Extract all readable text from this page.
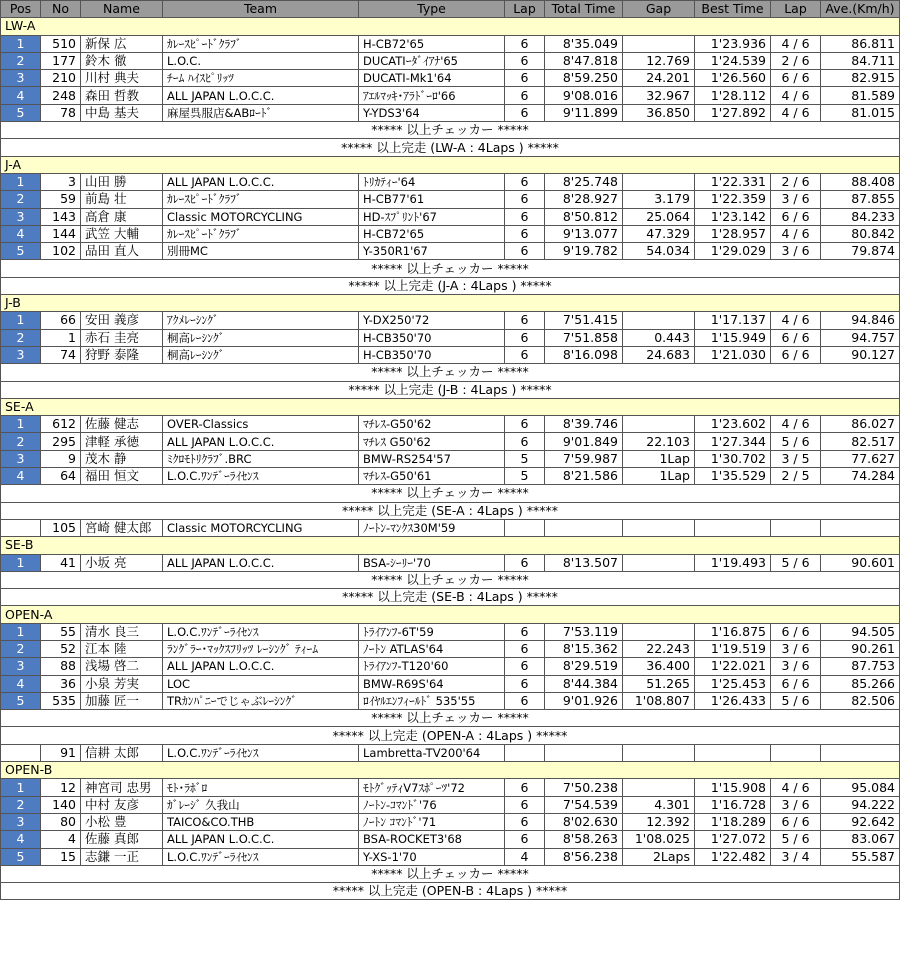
Pos	No	Name	Team	Type	Lap	Total Time	Gap	Best Time	Lap	Ave.(Km/h)
LW-A										
1	510	新保 広	ｶﾚｰｽﾋﾟｰﾄﾞｸﾗﾌﾞ	H-CB72'65	6	8'35.049		1'23.936	4 / 6	86.811
2	177	鈴木 徹	L.O.C.	DUCATIｰﾀﾞｲｱﾅ'65	6	8'47.818	12.769	1'24.539	2 / 6	84.711
3	210	川村 典夫	ﾁｰﾑ ﾊｲｽﾋﾟﾘｯﾂ	DUCATI-Mk1'64	6	8'59.250	24.201	1'26.560	6 / 6	82.915
4	248	森田 哲教	ALL JAPAN L.O.C.C.	ｱｴﾙﾏｯｷ･ｱﾗﾄﾞｰﾛ'66	6	9'08.016	32.967	1'28.112	4 / 6	81.589
5	78	中島 基夫	麻屋呉服店&ABﾛｰﾄﾞ	Y-YDS3'64	6	9'11.899	36.850	1'27.892	4 / 6	81.015
***** 以上チェッカー *****										
***** 以上完走 (LW-A : 4Laps ) *****										
J-A										
1	3	山田 勝	ALL JAPAN L.O.C.C.	ﾄﾘｶﾃｨｰ'64	6	8'25.748		1'22.331	2 / 6	88.408
2	59	前島 壮	ｶﾚｰｽﾋﾟｰﾄﾞｸﾗﾌﾞ	H-CB77'61	6	8'28.927	3.179	1'22.359	3 / 6	87.855
3	143	高倉 康	Classic MOTORCYCLING	HD-ｽﾌﾟﾘﾝﾄ'67	6	8'50.812	25.064	1'23.142	6 / 6	84.233
4	144	武笠 大輔	ｶﾚｰｽﾋﾟｰﾄﾞｸﾗﾌﾞ	H-CB72'65	6	9'13.077	47.329	1'28.957	4 / 6	80.842
5	102	品田 直人	別冊MC	Y-350R1'67	6	9'19.782	54.034	1'29.029	3 / 6	79.874
***** 以上チェッカー *****										
***** 以上完走 (J-A : 4Laps ) *****										
J-B										
1	66	安田 義彦	ｱｸﾒﾚｰｼﾝｸﾞ	Y-DX250'72	6	7'51.415		1'17.137	4 / 6	94.846
2	1	赤石 圭亮	桐高ﾚｰｼﾝｸﾞ	H-CB350'70	6	7'51.858	0.443	1'15.949	6 / 6	94.757
3	74	狩野 泰隆	桐高ﾚｰｼﾝｸﾞ	H-CB350'70	6	8'16.098	24.683	1'21.030	6 / 6	90.127
***** 以上チェッカー *****										
***** 以上完走 (J-B : 4Laps ) *****										
SE-A										
1	612	佐藤 健志	OVER-Classics	ﾏﾁﾚｽ-G50'62	6	8'39.746		1'23.602	4 / 6	86.027
2	295	津軽 承徳	ALL JAPAN L.O.C.C.	ﾏﾁﾚｽ G50'62	6	9'01.849	22.103	1'27.344	5 / 6	82.517
3	9	茂木 静	ﾐｸﾛﾓﾄﾘｸﾗﾌﾞ.BRC	BMW-RS254'57	5	7'59.987	1Lap	1'30.702	3 / 5	77.627
4	64	福田 恒文	L.O.C.ﾜﾝﾃﾞｰﾗｲｾﾝｽ	ﾏﾁﾚｽ-G50'61	5	8'21.586	1Lap	1'35.529	2 / 5	74.284
***** 以上チェッカー *****										
***** 以上完走 (SE-A : 4Laps ) *****										
	105	宮崎 健太郎	Classic MOTORCYCLING	ﾉｰﾄﾝ-ﾏﾝｸｽ30M'59						
SE-B										
1	41	小坂 亮	ALL JAPAN L.O.C.C.	BSA-ｼｰﾘｰ'70	6	8'13.507		1'19.493	5 / 6	90.601
***** 以上チェッカー *****										
***** 以上完走 (SE-B : 4Laps ) *****										
OPEN-A										
1	55	清水 良三	L.O.C.ﾜﾝﾃﾞｰﾗｲｾﾝｽ	ﾄﾗｲｱﾝﾌ-6T'59	6	7'53.119		1'16.875	6 / 6	94.505
2	52	江本 陸	ﾗﾝｸﾞﾗｰ･ﾏｯｸｽﾌﾘｯﾂ ﾚｰｼﾝｸﾞ ﾃｨｰﾑ	ﾉｰﾄﾝ ATLAS'64	6	8'15.362	22.243	1'19.519	3 / 6	90.261
3	88	浅場 啓二	ALL JAPAN L.O.C.C.	ﾄﾗｲｱﾝﾌ-T120'60	6	8'29.519	36.400	1'22.021	3 / 6	87.753
4	36	小泉 芳実	LOC	BMW-R69S'64	6	8'44.384	51.265	1'25.453	6 / 6	85.266
5	535	加藤 匠一	TRｶﾝﾊﾟﾆｰでじゃぶﾚｰｼﾝｸﾞ	ﾛｲﾔﾙｴﾝﾌｨｰﾙﾄﾞ 535'55	6	9'01.926	1'08.807	1'26.433	5 / 6	82.506
***** 以上チェッカー *****										
***** 以上完走 (OPEN-A : 4Laps ) *****										
	91	信耕 太郎	L.O.C.ﾜﾝﾃﾞｰﾗｲｾﾝｽ	Lambretta-TV200'64						
OPEN-B										
1	12	神宮司 忠男	ﾓﾄ･ﾗﾎﾞﾛ	ﾓﾄｸﾞｯﾃｨV7ｽﾎﾟｰﾂ'72	6	7'50.238		1'15.908	4 / 6	95.084
2	140	中村 友彦	ｶﾞﾚｰｼﾞ 久我山	ﾉｰﾄﾝ-ｺﾏﾝﾄﾞ'76	6	7'54.539	4.301	1'16.728	3 / 6	94.222
3	80	小松 豊	TAICO&CO.THB	ﾉｰﾄﾝ ｺﾏﾝﾄﾞ'71	6	8'02.630	12.392	1'18.289	6 / 6	92.642
4	4	佐藤 真郎	ALL JAPAN L.O.C.C.	BSA-ROCKET3'68	6	8'58.263	1'08.025	1'27.072	5 / 6	83.067
5	15	志鎌 一正	L.O.C.ﾜﾝﾃﾞｰﾗｲｾﾝｽ	Y-XS-1'70	4	8'56.238	2Laps	1'22.482	3 / 4	55.587
***** 以上チェッカー *****										
***** 以上完走 (OPEN-B : 4Laps ) *****										
